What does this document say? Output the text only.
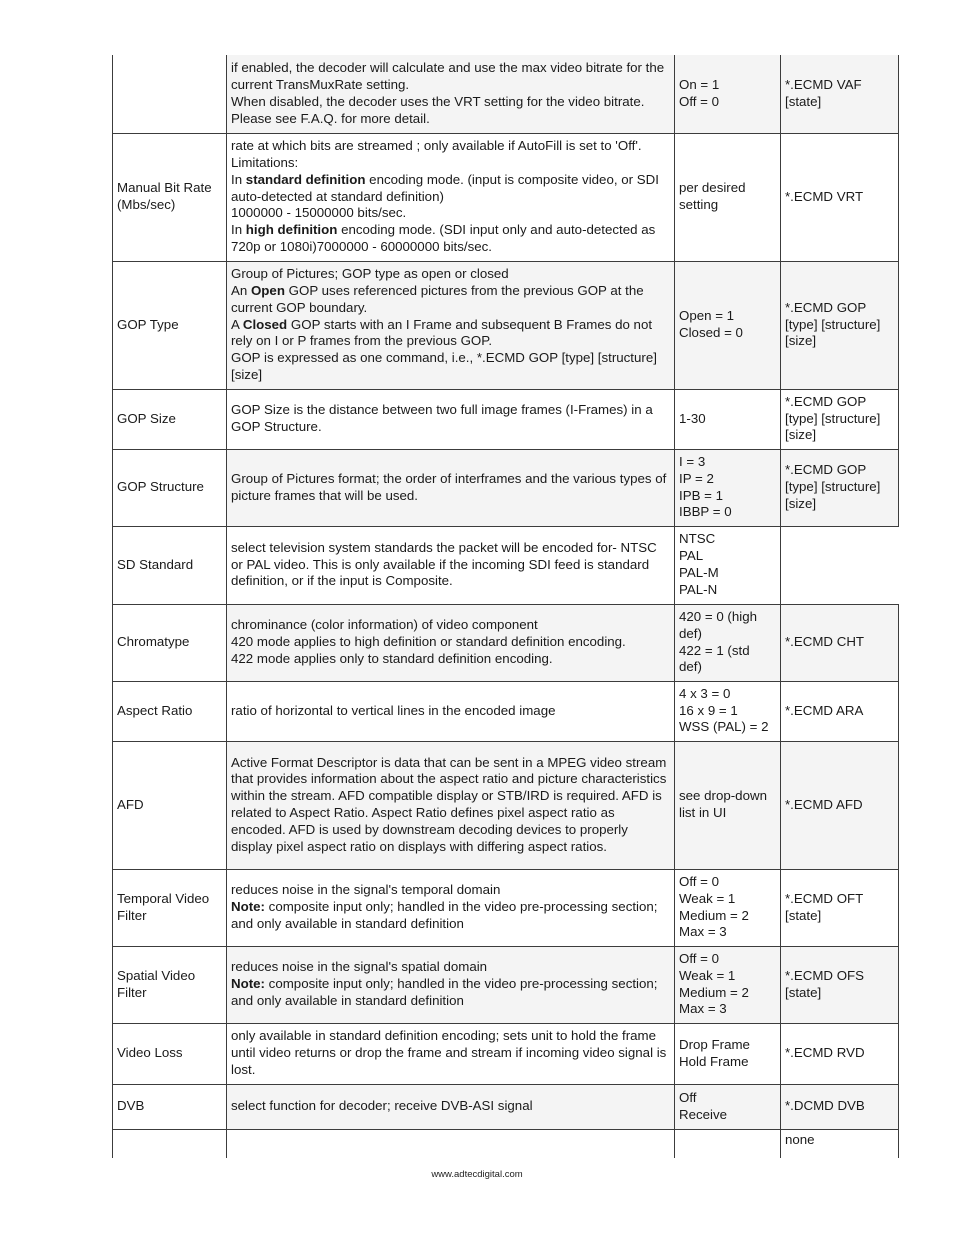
	if enabled, the decoder will calculate and use the max video bitrate for the current TransMuxRate setting.
When disabled, the decoder uses the VRT setting for the video bitrate. Please see F.A.Q. for more detail.	On = 1
Off = 0	*.ECMD VAF [state]
Manual Bit Rate (Mbs/sec)	rate at which bits are streamed ; only available if AutoFill is set to 'Off'.
Limitations:
In standard definition encoding mode. (input is composite video, or SDI auto-detected at standard definition)
1000000 - 15000000 bits/sec.
In high definition encoding mode. (SDI input only and auto-detected as 720p or 1080i)7000000 - 60000000 bits/sec.	per desired setting	*.ECMD VRT
GOP Type	Group of Pictures; GOP type as open or closed
An Open GOP uses referenced pictures from the previous GOP at the current GOP boundary.
A Closed GOP starts with an I Frame and subsequent B Frames do not rely on I or P frames from the previous GOP.
GOP is expressed as one command, i.e., *.ECMD GOP [type] [structure] [size]	Open = 1
Closed = 0	*.ECMD GOP [type] [structure] [size]
GOP Size	GOP Size is the distance between two full image frames (I-Frames) in a GOP Structure.	1-30	*.ECMD GOP [type] [structure] [size]
GOP Structure	Group of Pictures format; the order of interframes and the various types of picture frames that will be used.	I = 3
IP = 2
IPB = 1
IBBP = 0	*.ECMD GOP [type] [structure] [size]
SD Standard	select television system standards the packet will be encoded for- NTSC or PAL video. This is only available if the incoming SDI feed is standard definition, or if the input is Composite.	NTSC
PAL
PAL-M
PAL-N	

Chromatype	chrominance (color information) of video component
420 mode applies to high definition or standard definition encoding.
422 mode applies only to standard definition encoding.	420 = 0 (high def)
422 = 1 (std def)	*.ECMD CHT
Aspect Ratio	ratio of horizontal to vertical lines in the encoded image	4 x 3 = 0
16 x 9 = 1
WSS (PAL) = 2	*.ECMD ARA
AFD	Active Format Descriptor is data that can be sent in a MPEG video stream that provides information about the aspect ratio and picture characteristics within the stream. AFD compatible display or STB/IRD is required. AFD is related to Aspect Ratio. Aspect Ratio defines pixel aspect ratio as encoded. AFD is used by downstream decoding devices to properly display pixel aspect ratio on displays with differing aspect ratios.	see drop-down list in UI	*.ECMD AFD
Temporal Video Filter	reduces noise in the signal's temporal domain
Note: composite input only; handled in the video pre-processing section; and only available in standard definition	Off = 0
Weak = 1
Medium = 2
Max = 3	*.ECMD OFT [state]
Spatial Video Filter	reduces noise in the signal's spatial domain
Note: composite input only; handled in the video pre-processing section; and only available in standard definition	Off = 0
Weak = 1
Medium = 2
Max = 3	*.ECMD OFS [state]
Video Loss	only available in standard definition encoding; sets unit to hold the frame until video returns or drop the frame and stream if incoming video signal is lost.	Drop Frame
Hold Frame	*.ECMD RVD
DVB	select function for decoder; receive DVB-ASI signal	Off
Receive	*.DCMD DVB
			none
www.adtecdigital.com
